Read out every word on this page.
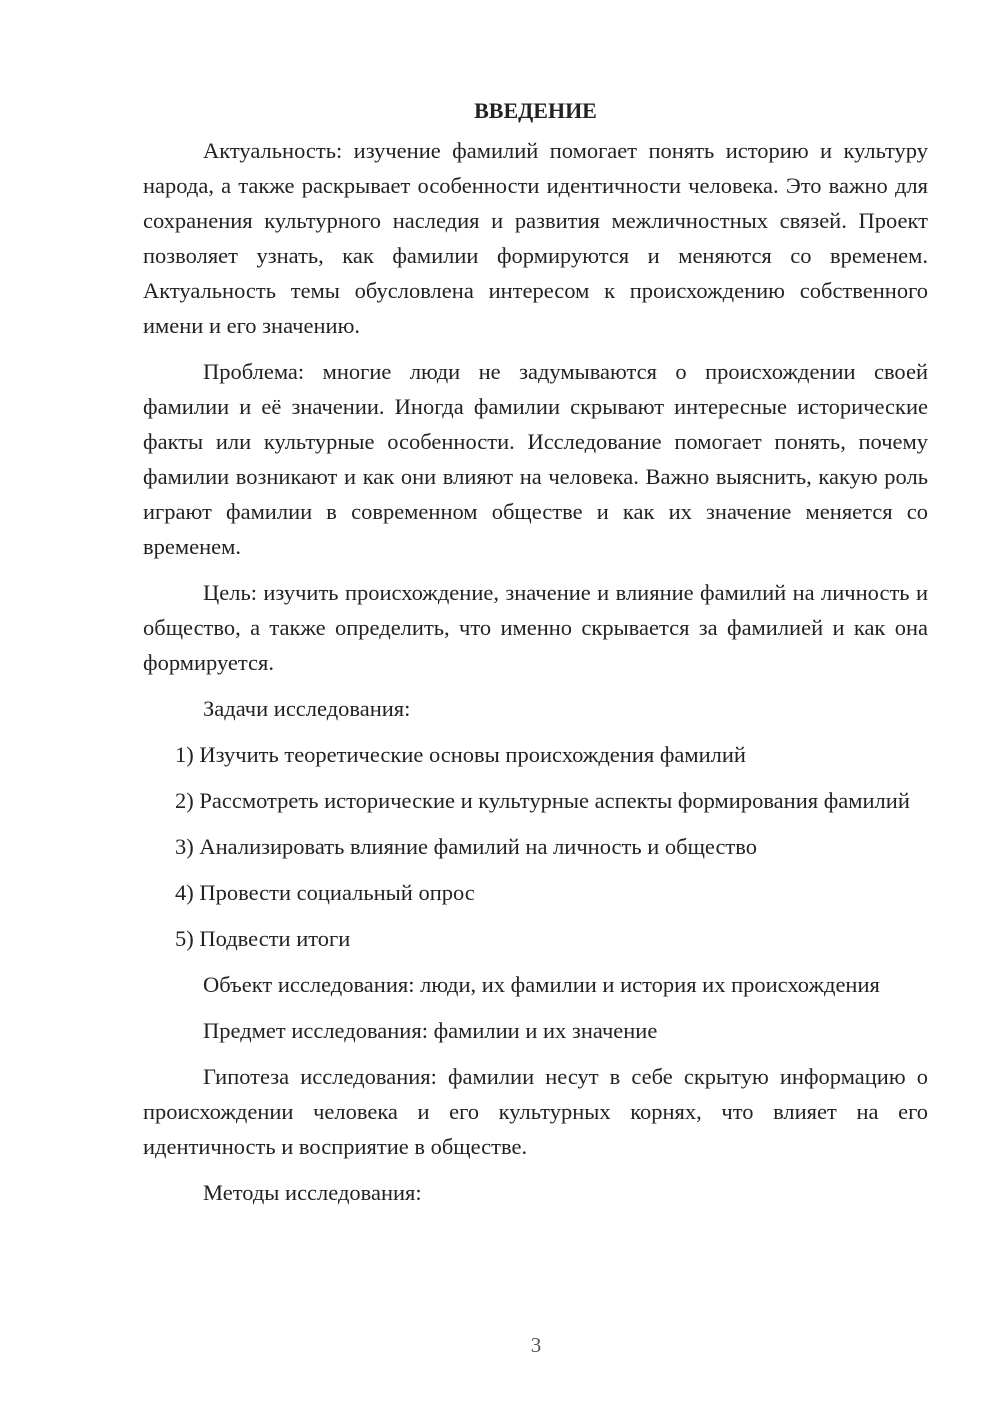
ВВЕДЕНИЕ

Актуальность: изучение фамилий помогает понять историю и культуру народа, а также раскрывает особенности идентичности человека. Это важно для сохранения культурного наследия и развития межличностных связей. Проект позволяет узнать, как фамилии формируются и меняются со временем. Актуальность темы обусловлена интересом к происхождению собственного имени и его значению.

Проблема: многие люди не задумываются о происхождении своей фамилии и её значении. Иногда фамилии скрывают интересные исторические факты или культурные особенности. Исследование помогает понять, почему фамилии возникают и как они влияют на человека. Важно выяснить, какую роль играют фамилии в современном обществе и как их значение меняется со временем.

Цель: изучить происхождение, значение и влияние фамилий на личность и общество, а также определить, что именно скрывается за фамилией и как она формируется.

Задачи исследования:

1) Изучить теоретические основы происхождения фамилий

2) Рассмотреть исторические и культурные аспекты формирования фамилий

3) Анализировать влияние фамилий на личность и общество

4) Провести социальный опрос

5) Подвести итоги

Объект исследования: люди, их фамилии и история их происхождения

Предмет исследования: фамилии и их значение

Гипотеза исследования: фамилии несут в себе скрытую информацию о происхождении человека и его культурных корнях, что влияет на его идентичность и восприятие в обществе.

Методы исследования:

3
